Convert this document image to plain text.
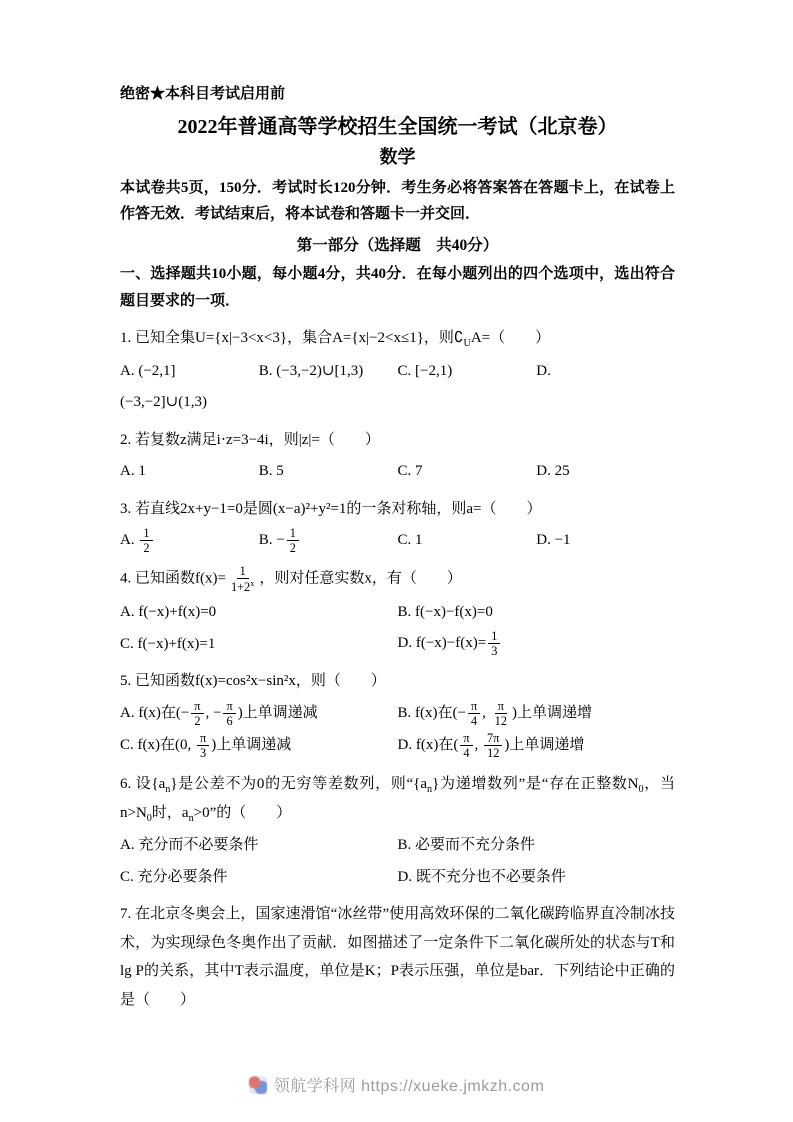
绝密★本科目考试启用前
2022年普通高等学校招生全国统一考试（北京卷）
数学
本试卷共5页，150分．考试时长120分钟．考生务必将答案答在答题卡上，在试卷上作答无效．考试结束后，将本试卷和答题卡一并交回．
第一部分（选择题　共40分）
一、选择题共10小题，每小题4分，共40分．在每小题列出的四个选项中，选出符合题目要求的一项．
1. 已知全集U={x|−3<x<3}，集合A={x|−2<x≤1}，则$∁_UA=$（　　）
A. (−2,1]	B. (−3,−2)∪[1,3)	C. [−2,1)	D.
(−3,−2]∪(1,3)
2. 若复数z满足i⋅z=3−4i，则|z|=（　　）
A. 1	B. 5	C. 7	D. 25
3. 若直线2x+y−1=0是圆(x−a)²+y²=1的一条对称轴，则a=（　　）
A. $\frac{1}{2}$	B. − $\frac{1}{2}$	C. 1	D. −1
4. 已知函数$f(x)= \frac{1}{1+2^x}$ ，则对任意实数x，有（　　）
A. f(−x)+f(x)=0	B. f(−x)−f(x)=0
C. f(−x)+f(x)=1	D. $f(-x)-f(x)= \frac{1}{3}$
5. 已知函数f(x)=cos²x−sin²x，则（　　）
A. f(x)在(− $\frac{\pi}{2}$ , − $\frac{\pi}{6}$ )上单调递减	B. f(x)在(− $\frac{\pi}{4}$ , $\frac{\pi}{12}$ )上单调递增
C. f(x)在(0, $\frac{\pi}{3}$ )上单调递减	D. f(x)在( $\frac{\pi}{4}$ , $\frac{7\pi}{12}$ )上单调递增
6. 设$\{a_n\}$是公差不为0的无穷等差数列，则“$\{a_n\}$为递增数列”是“存在正整数$N_0$，当$n>N_0$时，$a_n>0$”的（　　）
A. 充分而不必要条件	B. 必要而不充分条件
C. 充分必要条件	D. 既不充分也不必要条件
7. 在北京冬奥会上，国家速滑馆“冰丝带”使用高效环保的二氧化碳跨临界直冷制冰技术，为实现绿色冬奥作出了贡献．如图描述了一定条件下二氧化碳所处的状态与T和lg P的关系，其中T表示温度，单位是K；P表示压强，单位是bar．下列结论中正确的是（　　）
领航学科网 https://xueke.jmkzh.com
